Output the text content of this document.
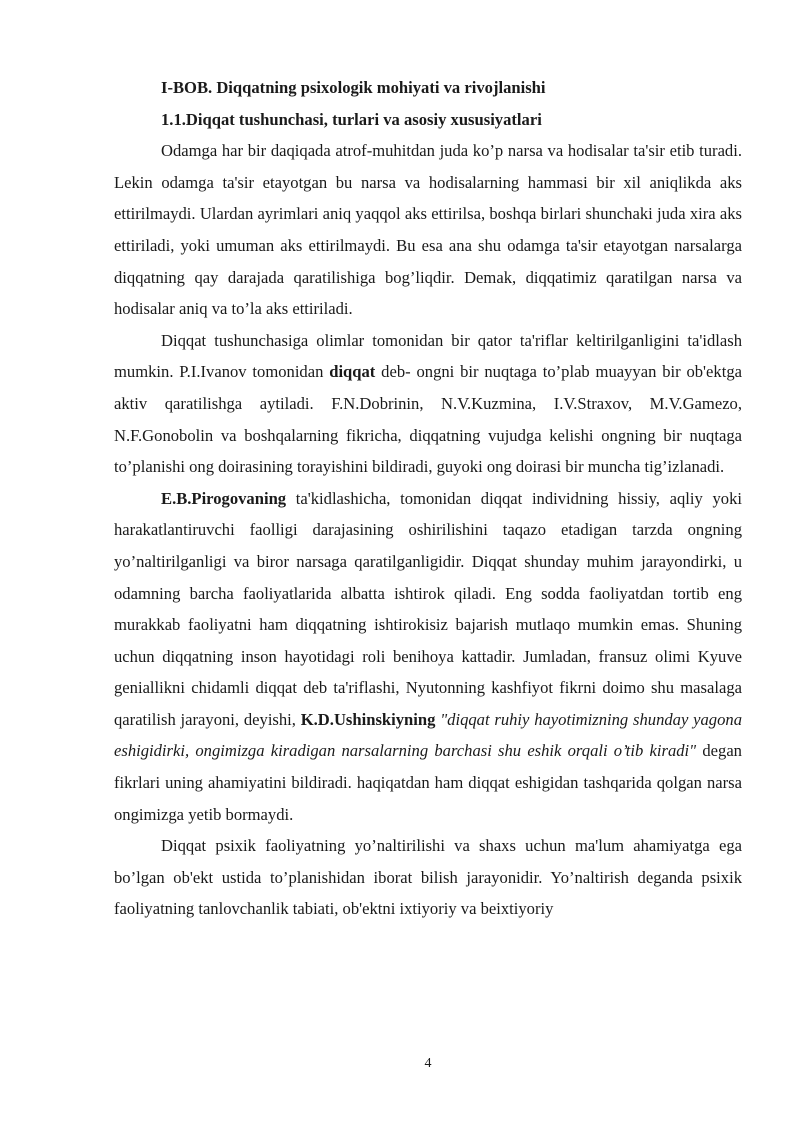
I-BOB. Diqqatning psixologik mohiyati va rivojlanishi

1.1.Diqqat tushunchasi, turlari va asosiy xususiyatlari

Odamga har bir daqiqada atrof-muhitdan juda ko’p narsa va hodisalar ta'sir etib turadi. Lekin odamga ta'sir etayotgan bu narsa va hodisalarning hammasi bir xil aniqlikda aks ettirilmaydi. Ulardan ayrimlari aniq yaqqol aks ettirilsa, boshqa birlari shunchaki juda xira aks ettiriladi, yoki umuman aks ettirilmaydi. Bu esa ana shu odamga ta'sir etayotgan narsalarga diqqatning qay darajada qaratilishiga bog’liqdir. Demak, diqqatimiz qaratilgan narsa va hodisalar aniq va to’la aks ettiriladi.

Diqqat tushunchasiga olimlar tomonidan bir qator ta'riflar keltirilganligini ta'idlash mumkin. P.I.Ivanov tomonidan diqqat deb- ongni bir nuqtaga to’plab muayyan bir ob'ektga aktiv qaratilishga aytiladi. F.N.Dobrinin, N.V.Kuzmina, I.V.Straxov, M.V.Gamezo, N.F.Gonobolin va boshqalarning fikricha, diqqatning vujudga kelishi ongning bir nuqtaga to’planishi ong doirasining torayishini bildiradi, guyoki ong doirasi bir muncha tig’izlanadi.

E.B.Pirogovaning ta'kidlashicha, tomonidan diqqat individning hissiy, aqliy yoki harakatlantiruvchi faolligi darajasining oshirilishini taqazo etadigan tarzda ongning yo’naltirilganligi va biror narsaga qaratilganligidir. Diqqat shunday muhim jarayondirki, u odamning barcha faoliyatlarida albatta ishtirok qiladi. Eng sodda faoliyatdan tortib eng murakkab faoliyatni ham diqqatning ishtirokisiz bajarish mutlaqo mumkin emas. Shuning uchun diqqatning inson hayotidagi roli benihoya kattadir. Jumladan, fransuz olimi Kyuve geniallikni chidamli diqqat deb ta'riflashi, Nyutonning kashfiyot fikrni doimo shu masalaga qaratilish jarayoni, deyishi, K.D.Ushinskiyning "diqqat ruhiy hayotimizning shunday yagona eshigidirki, ongimizga kiradigan narsalarning barchasi shu eshik orqali o’tib kiradi" degan fikrlari uning ahamiyatini bildiradi. haqiqatdan ham diqqat eshigidan tashqarida qolgan narsa ongimizga yetib bormaydi.

Diqqat psixik faoliyatning yo’naltirilishi va shaxs uchun ma'lum ahamiyatga ega bo’lgan ob'ekt ustida to’planishidan iborat bilish jarayonidir. Yo’naltirish deganda psixik faoliyatning tanlovchanlik tabiati, ob'ektni ixtiyoriy va beixtiyoriy

4
